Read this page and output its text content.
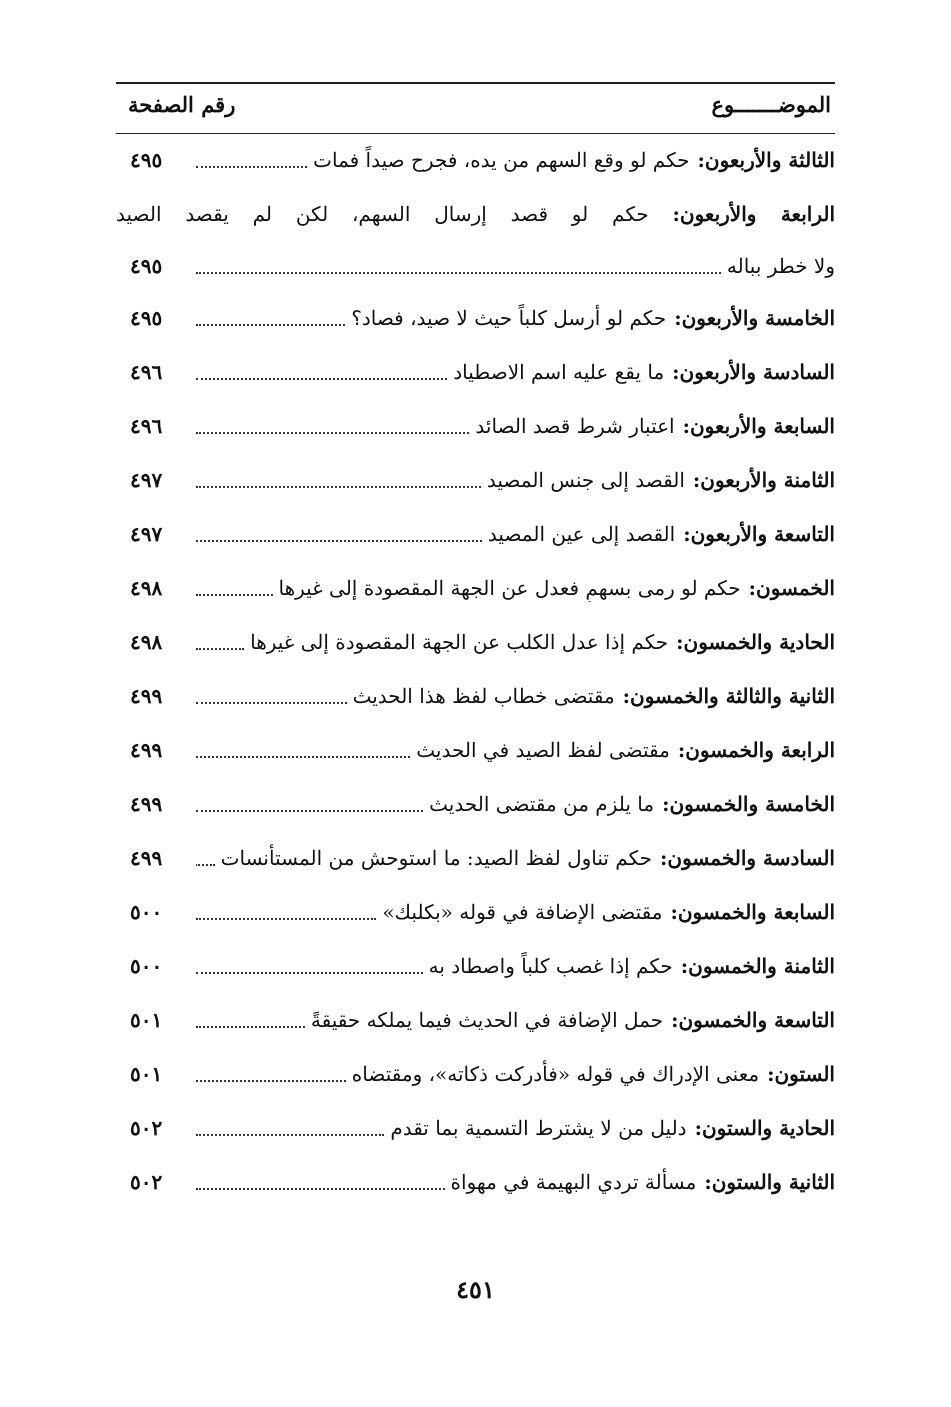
الموضـــــــوع
رقم الصفحة
الثالثة والأربعون:
حكم لو وقع السهم من يده، فجرح صيداً فمات
٤٩٥
الرابعة والأربعون: حكم لو قصد إرسال السهم، لكن لم يقصد الصيد
ولا خطر بباله
٤٩٥
الخامسة والأربعون:
حكم لو أرسل كلباً حيث لا صيد، فصاد؟
٤٩٥
السادسة والأربعون:
ما يقع عليه اسم الاصطياد
٤٩٦
السابعة والأربعون:
اعتبار شرط قصد الصائد
٤٩٦
الثامنة والأربعون:
القصد إلى جنس المصيد
٤٩٧
التاسعة والأربعون:
القصد إلى عين المصيد
٤٩٧
الخمسون:
حكم لو رمى بسهمٍ فعدل عن الجهة المقصودة إلى غيرها
٤٩٨
الحادية والخمسون:
حكم إذا عدل الكلب عن الجهة المقصودة إلى غيرها
٤٩٨
الثانية والثالثة والخمسون:
مقتضى خطاب لفظ هذا الحديث
٤٩٩
الرابعة والخمسون:
مقتضى لفظ الصيد في الحديث
٤٩٩
الخامسة والخمسون:
ما يلزم من مقتضى الحديث
٤٩٩
السادسة والخمسون:
حكم تناول لفظ الصيد: ما استوحش من المستأنسات
٤٩٩
السابعة والخمسون:
مقتضى الإضافة في قوله «بكلبك»
٥٠٠
الثامنة والخمسون:
حكم إذا غصب كلباً واصطاد به
٥٠٠
التاسعة والخمسون:
حمل الإضافة في الحديث فيما يملكه حقيقةً
٥٠١
الستون:
معنى الإدراك في قوله «فأدركت ذكاته»، ومقتضاه
٥٠١
الحادية والستون:
دليل من لا يشترط التسمية بما تقدم
٥٠٢
الثانية والستون:
مسألة تردي البهيمة في مهواة
٥٠٢
٤٥١
